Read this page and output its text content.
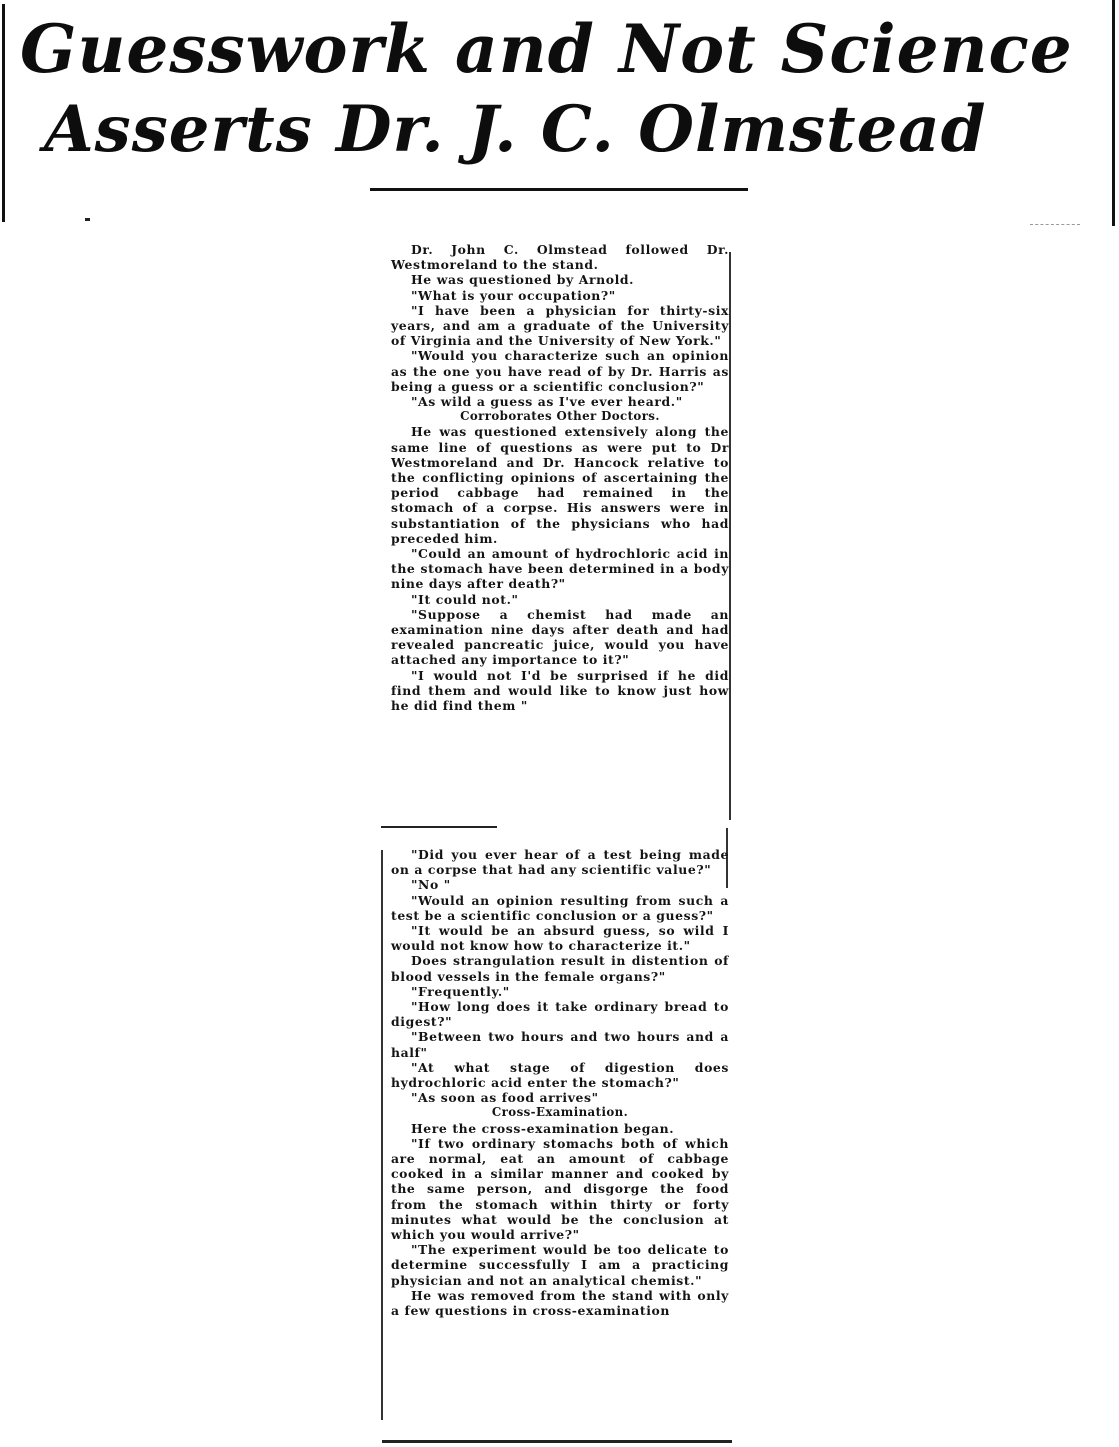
Guesswork and Not Science
Asserts Dr. J. C. Olmstead

Dr. John C. Olmstead followed Dr. Westmoreland to the stand.

He was questioned by Arnold.

"What is your occupation?"

"I have been a physician for thirty-six years, and am a graduate of the University of Virginia and the University of New York."

"Would you characterize such an opinion as the one you have read of by Dr. Harris as being a guess or a scientific conclusion?"

"As wild a guess as I've ever heard."

Corroborates Other Doctors.

He was questioned extensively along the same line of questions as were put to Dr Westmoreland and Dr. Hancock relative to the conflicting opinions of ascertaining the period cabbage had remained in the stomach of a corpse. His answers were in substantiation of the physicians who had preceded him.

"Could an amount of hydrochloric acid in the stomach have been determined in a body nine days after death?"

"It could not."

"Suppose a chemist had made an examination nine days after death and had revealed pancreatic juice, would you have attached any importance to it?"

"I would not I'd be surprised if he did find them and would like to know just how he did find them "

"Did you ever hear of a test being made on a corpse that had any scientific value?"

"No "

"Would an opinion resulting from such a test be a scientific conclusion or a guess?"

"It would be an absurd guess, so wild I would not know how to characterize it."

Does strangulation result in distention of blood vessels in the female organs?"

"Frequently."

"How long does it take ordinary bread to digest?"

"Between two hours and two hours and a half"

"At what stage of digestion does hydrochloric acid enter the stomach?"

"As soon as food arrives"

Cross-Examination.

Here the cross-examination began.

"If two ordinary stomachs both of which are normal, eat an amount of cabbage cooked in a similar manner and cooked by the same person, and disgorge the food from the stomach within thirty or forty minutes what would be the conclusion at which you would arrive?"

"The experiment would be too delicate to determine successfully I am a practicing physician and not an analytical chemist."

He was removed from the stand with only a few questions in cross-examination
